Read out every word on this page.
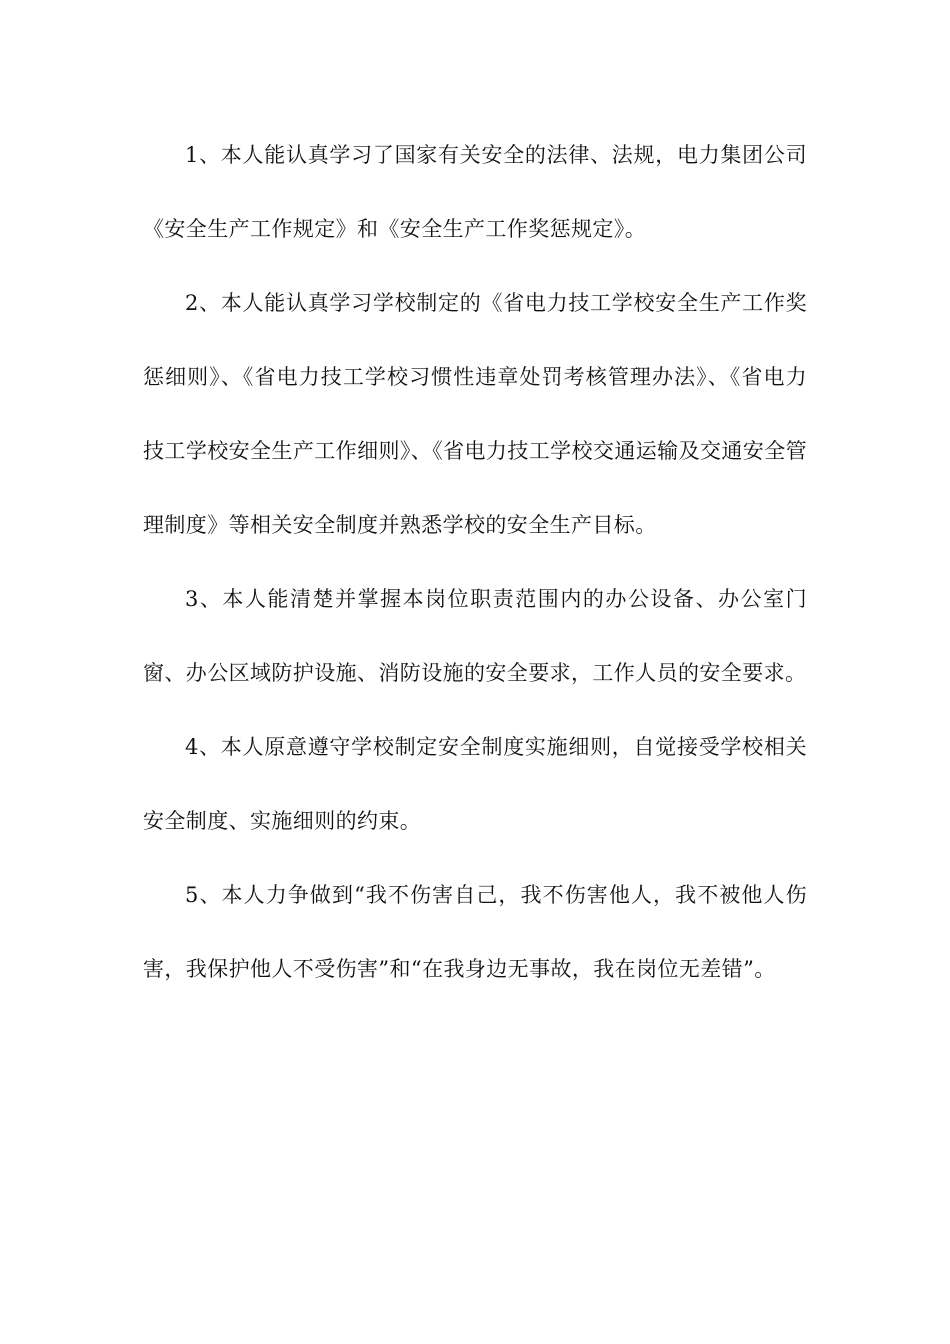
1、本人能认真学习了国家有关安全的法律、法规，电力集团公司《安全生产工作规定》和《安全生产工作奖惩规定》。

2、本人能认真学习学校制定的《省电力技工学校安全生产工作奖惩细则》、《省电力技工学校习惯性违章处罚考核管理办法》、《省电力技工学校安全生产工作细则》、《省电力技工学校交通运输及交通安全管理制度》等相关安全制度并熟悉学校的安全生产目标。

3、本人能清楚并掌握本岗位职责范围内的办公设备、办公室门窗、办公区域防护设施、消防设施的安全要求，工作人员的安全要求。

4、本人原意遵守学校制定安全制度实施细则，自觉接受学校相关安全制度、实施细则的约束。

5、本人力争做到“我不伤害自己，我不伤害他人，我不被他人伤害，我保护他人不受伤害”和“在我身边无事故，我在岗位无差错”。
